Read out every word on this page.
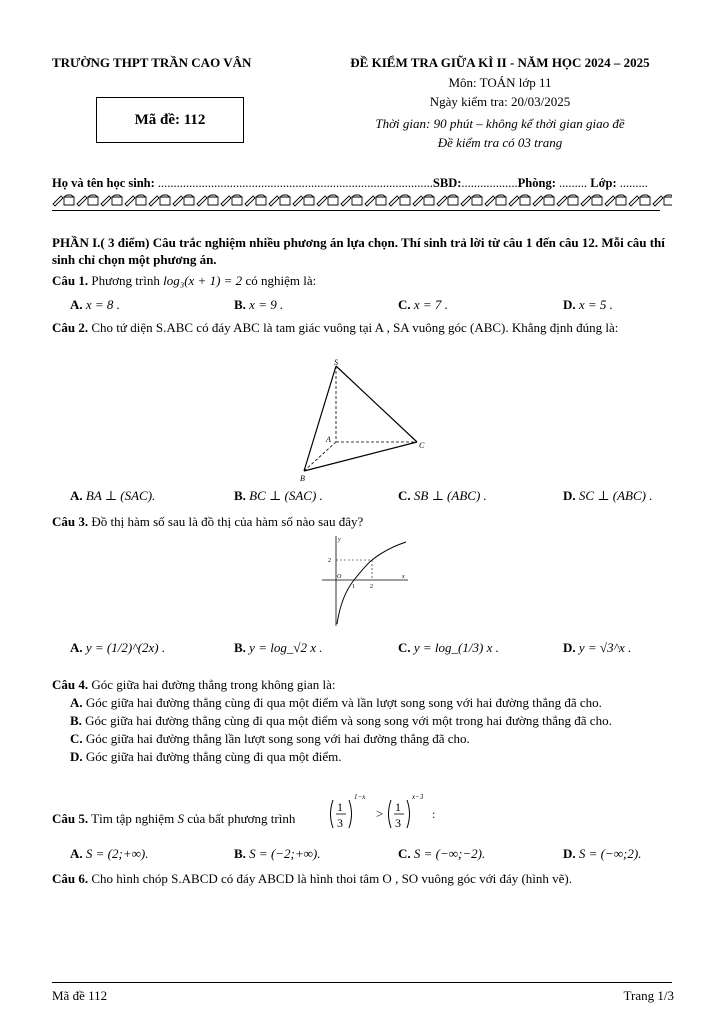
TRƯỜNG THPT TRẦN CAO VÂN	ĐỀ KIỂM TRA GIỮA KÌ II - NĂM HỌC 2024 – 2025
Môn: TOÁN lớp 11
Ngày kiểm tra: 20/03/2025
Thời gian: 90 phút – không kể thời gian giao đề
Đề kiểm tra có 03 trang
Mã đề: 112
Họ và tên học sinh: ........................................................................................SBD:..................Phòng: ......... Lớp: .........
PHẦN I.( 3 điểm) Câu trắc nghiệm nhiều phương án lựa chọn. Thí sinh trả lời từ câu 1 đến câu 12. Mỗi câu thí sinh chỉ chọn một phương án.
Câu 1. Phương trình log₃(x + 1) = 2 có nghiệm là:
A. x = 8 .	B. x = 9 .	C. x = 7 .	D. x = 5 .
Câu 2. Cho tứ diện S.ABC có đáy ABC là tam giác vuông tại A , SA vuông góc (ABC). Khẳng định đúng là:
S
A
B
C
A. BA ⊥ (SAC).	B. BC ⊥ (SAC) .	C. SB ⊥ (ABC) .	D. SC ⊥ (ABC) .
Câu 3. Đồ thị hàm số sau là đồ thị của hàm số nào sau đây?
y
x
O
2
1	2
A. y = (1/2)^(2x) .	B. y = log_√2 x .	C. y = log_(1/3) x .	D. y = √3^x .
Câu 4. Góc giữa hai đường thẳng trong không gian là:
A. Góc giữa hai đường thẳng cùng đi qua một điểm và lần lượt song song với hai đường thẳng đã cho.
B. Góc giữa hai đường thẳng cùng đi qua một điểm và song song với một trong hai đường thẳng đã cho.
C. Góc giữa hai đường thẳng lần lượt song song với hai đường thẳng đã cho.
D. Góc giữa hai đường thẳng cùng đi qua một điểm.
Câu 5. Tìm tập nghiệm S của bất phương trình
1
3
1−x
> 1
3
x−3
:
A. S = (2;+∞).	B. S = (−2;+∞).	C. S = (−∞;−2).	D. S = (−∞;2).
Câu 6. Cho hình chóp S.ABCD có đáy ABCD là hình thoi tâm O , SO vuông góc với đáy (hình vẽ).
Mã đề 112	Trang 1/3
